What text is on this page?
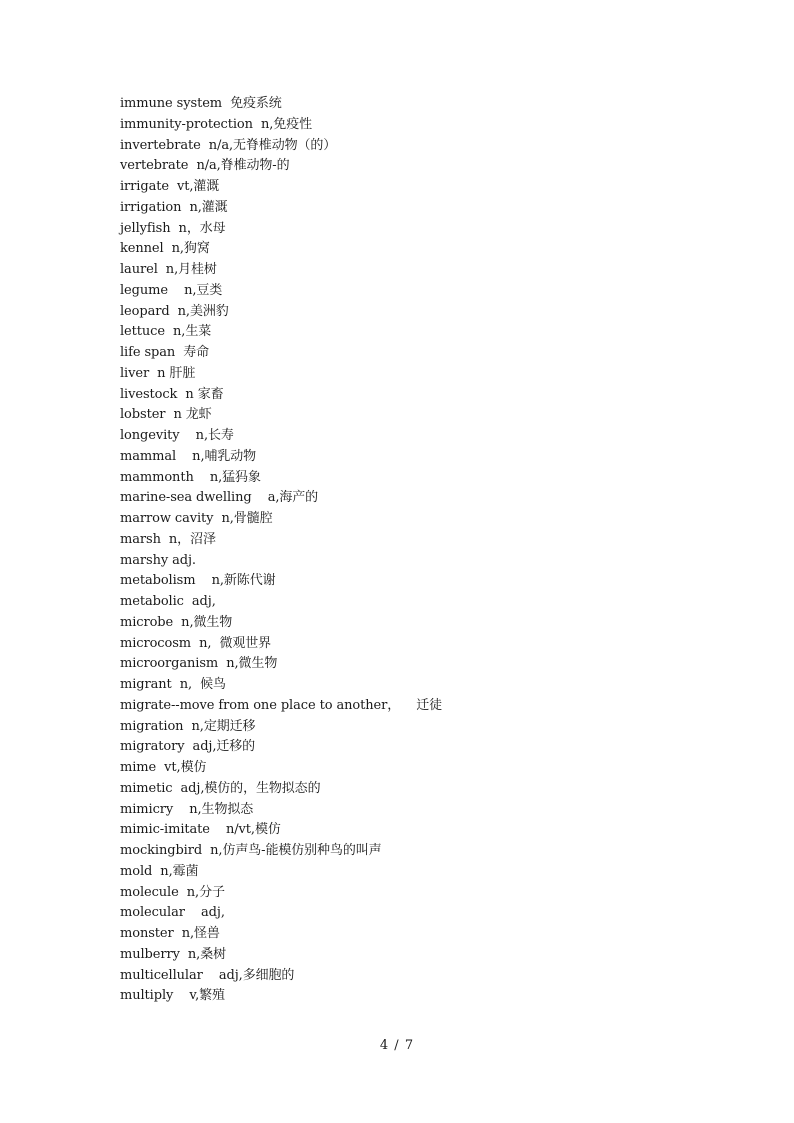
immune system  免疫系统
immunity-protection  n,免疫性
invertebrate  n/a,无脊椎动物（的）
vertebrate  n/a,脊椎动物-的
irrigate  vt,灌溉
irrigation  n,灌溉
jellyfish  n，水母
kennel  n,狗窝
laurel  n,月桂树
legume    n,豆类
leopard  n,美洲豹
lettuce  n,生菜
life span  寿命
liver  n 肝脏
livestock  n 家畜
lobster  n 龙虾
longevity    n,长寿
mammal    n,哺乳动物
mammonth    n,猛犸象
marine-sea dwelling    a,海产的
marrow cavity  n,骨髓腔
marsh  n，沼泽
marshy adj.
metabolism    n,新陈代谢
metabolic  adj,
microbe  n,微生物
microcosm  n,  微观世界
microorganism  n,微生物
migrant  n,  候鸟
migrate--move from one place to another，    迁徒
migration  n,定期迁移
migratory  adj,迁移的
mime  vt,模仿
mimetic  adj,模仿的，生物拟态的
mimicry    n,生物拟态
mimic-imitate    n/vt,模仿
mockingbird  n,仿声鸟-能模仿别种鸟的叫声
mold  n,霉菌
molecule  n,分子
molecular    adj,
monster  n,怪兽
mulberry  n,桑树
multicellular    adj,多细胞的
multiply    v,繁殖
4 / 7
